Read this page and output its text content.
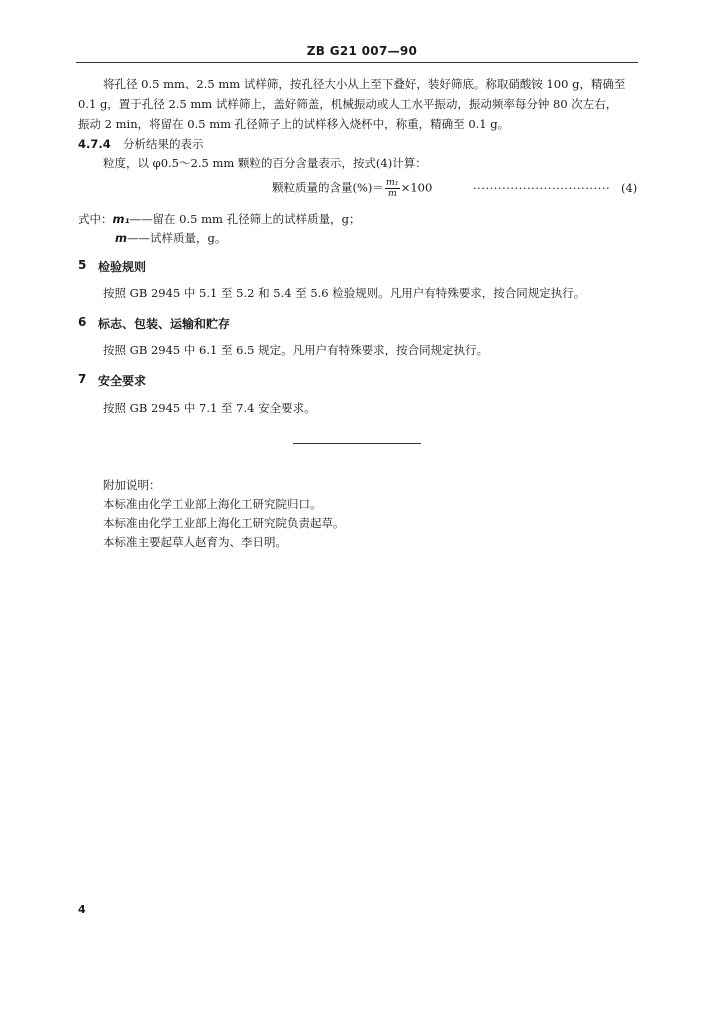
ZB G21 007—90
将孔径 0.5 mm、2.5 mm 试样筛，按孔径大小从上至下叠好，装好筛底。称取硝酸铵 100 g，精确至
0.1 g，置于孔径 2.5 mm 试样筛上，盖好筛盖，机械振动或人工水平振动，振动频率每分钟 80 次左右，
振动 2 min，将留在 0.5 mm 孔径筛子上的试样移入烧杯中，称重，精确至 0.1 g。
4.7.4 分析结果的表示
粒度，以 φ0.5～2.5 mm 颗粒的百分含量表示，按式(4)计算：
颗粒质量的含量(%)＝ $\frac{\text{m₁}}{m} \times 100$	································· (4)
式中：m₁——留在 0.5 mm 孔径筛上的试样质量，g；
m——试样质量，g。
5 检验规则
按照 GB 2945 中 5.1 至 5.2 和 5.4 至 5.6 检验规则。凡用户有特殊要求，按合同规定执行。
6 标志、包装、运输和贮存
按照 GB 2945 中 6.1 至 6.5 规定。凡用户有特殊要求，按合同规定执行。
7 安全要求
按照 GB 2945 中 7.1 至 7.4 安全要求。
附加说明：
本标准由化学工业部上海化工研究院归口。
本标准由化学工业部上海化工研究院负责起草。
本标准主要起草人赵育为、李日明。
4
